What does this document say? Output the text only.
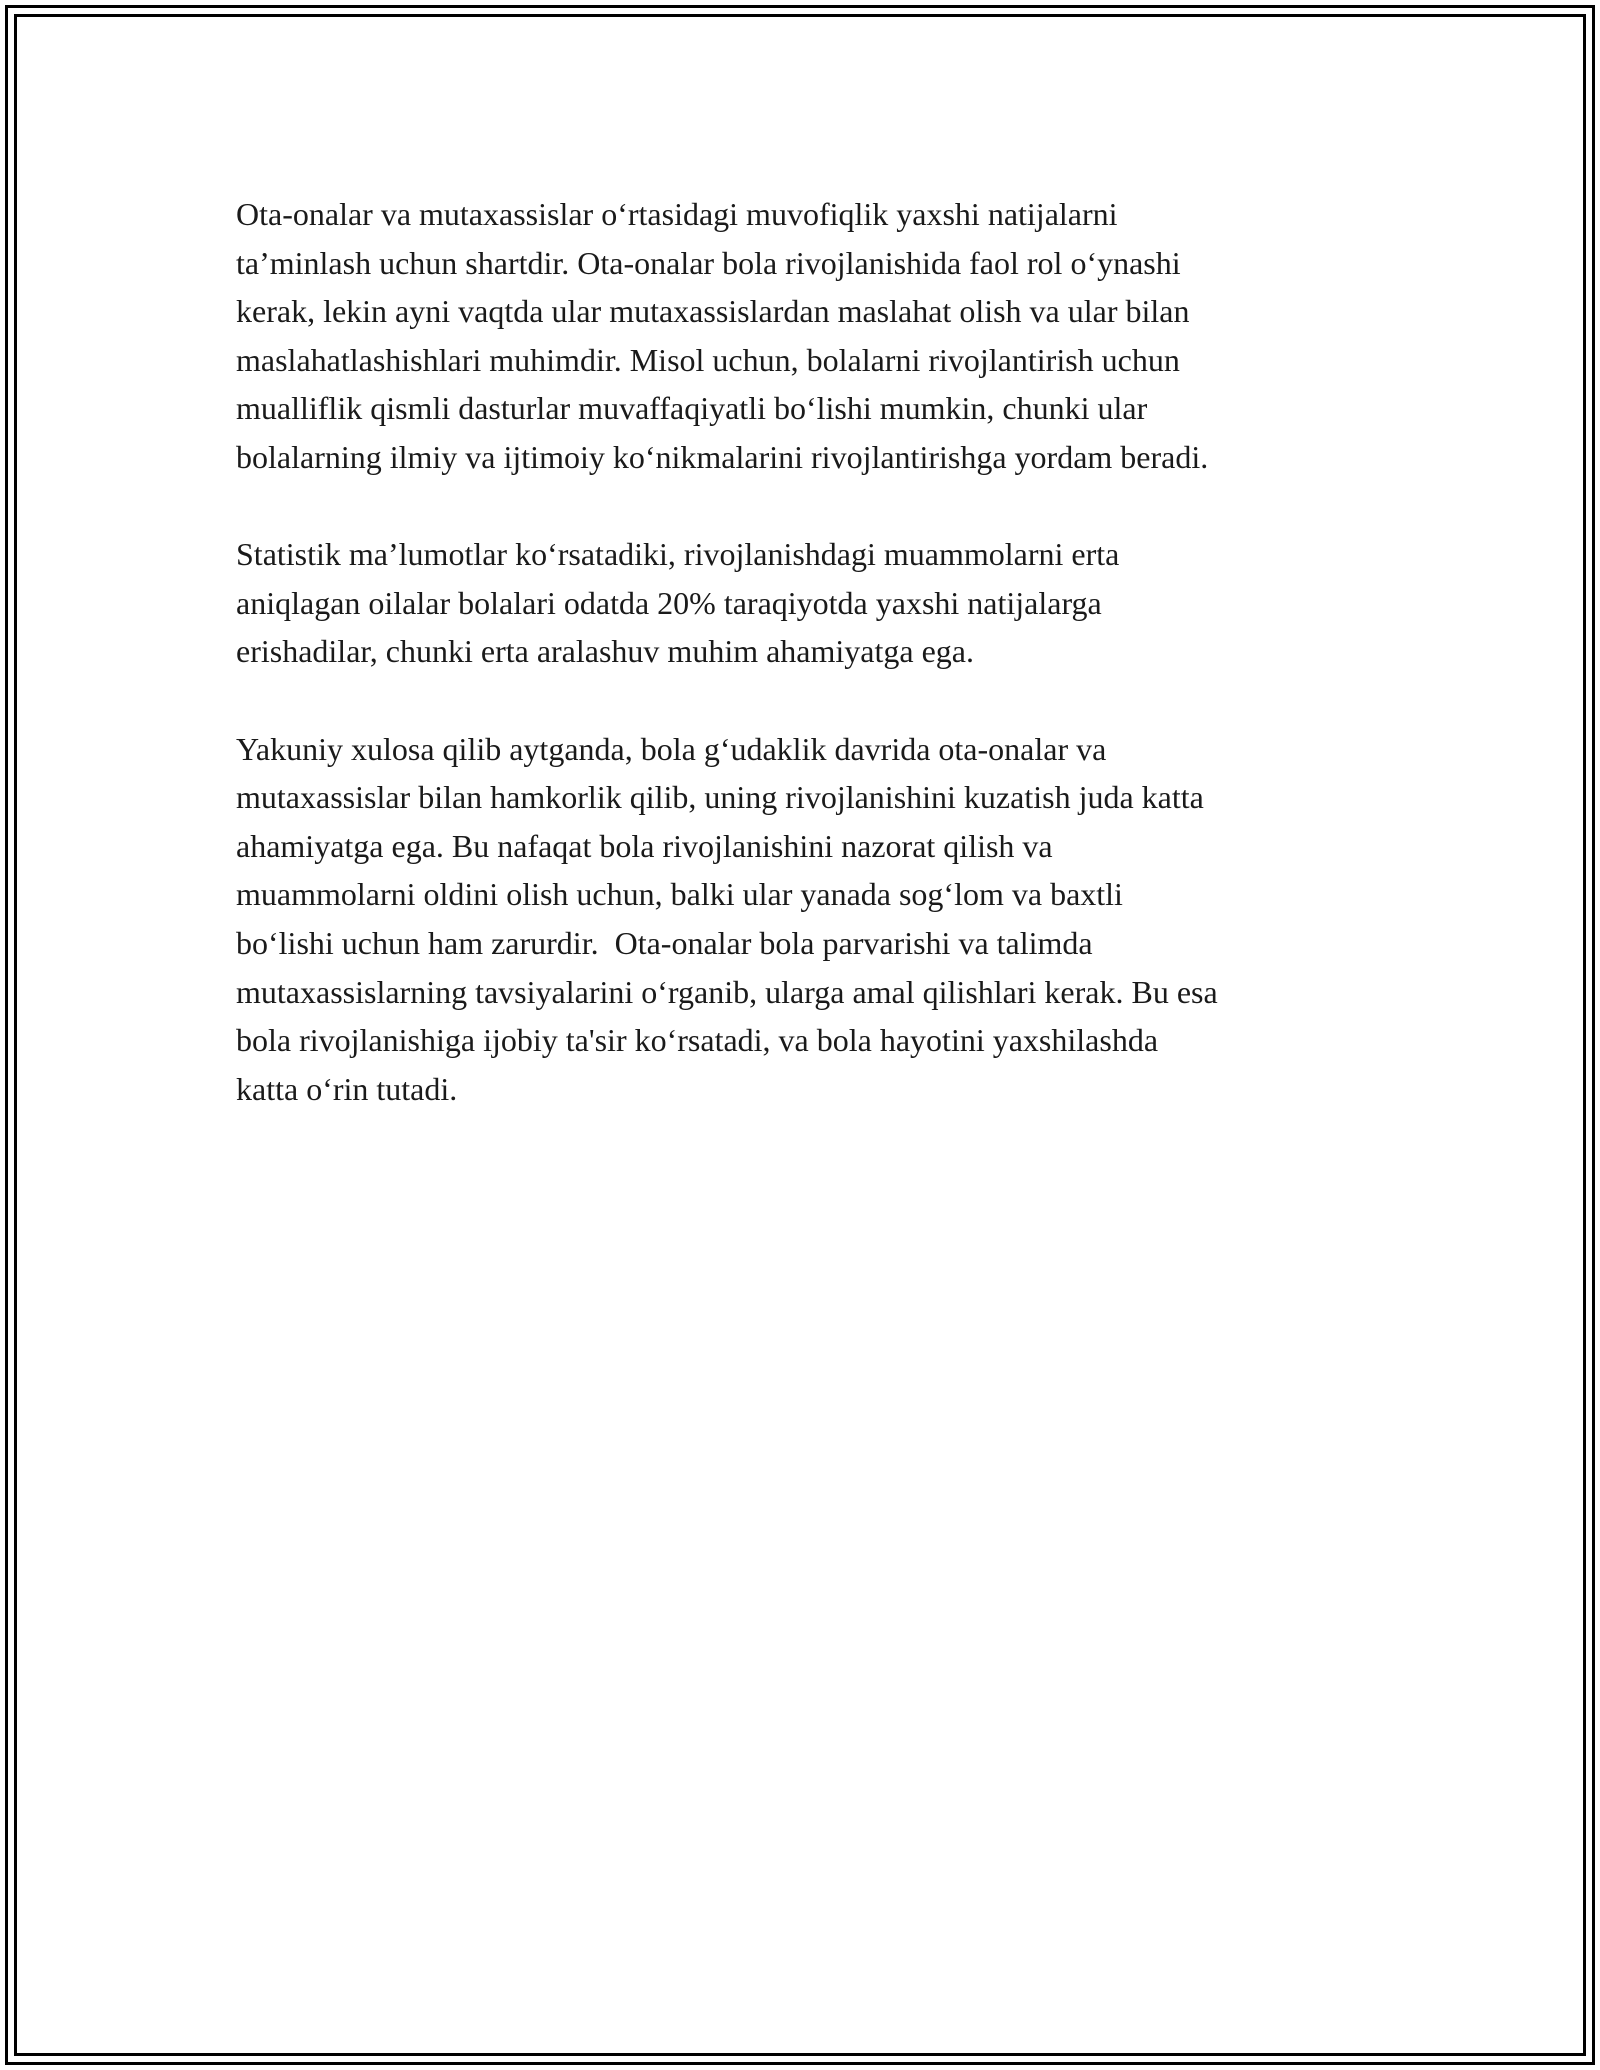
Ota-onalar va mutaxassislar o‘rtasidagi muvofiqlik yaxshi natijalarni
ta’minlash uchun shartdir. Ota-onalar bola rivojlanishida faol rol o‘ynashi
kerak, lekin ayni vaqtda ular mutaxassislardan maslahat olish va ular bilan
maslahatlashishlari muhimdir. Misol uchun, bolalarni rivojlantirish uchun
mualliflik qismli dasturlar muvaffaqiyatli bo‘lishi mumkin, chunki ular
bolalarning ilmiy va ijtimoiy ko‘nikmalarini rivojlantirishga yordam beradi.

Statistik ma’lumotlar ko‘rsatadiki, rivojlanishdagi muammolarni erta
aniqlagan oilalar bolalari odatda 20% taraqiyotda yaxshi natijalarga
erishadilar, chunki erta aralashuv muhim ahamiyatga ega.

Yakuniy xulosa qilib aytganda, bola g‘udaklik davrida ota-onalar va
mutaxassislar bilan hamkorlik qilib, uning rivojlanishini kuzatish juda katta
ahamiyatga ega. Bu nafaqat bola rivojlanishini nazorat qilish va
muammolarni oldini olish uchun, balki ular yanada sog‘lom va baxtli
bo‘lishi uchun ham zarurdir.  Ota-onalar bola parvarishi va talimda
mutaxassislarning tavsiyalarini o‘rganib, ularga amal qilishlari kerak. Bu esa
bola rivojlanishiga ijobiy ta'sir ko‘rsatadi, va bola hayotini yaxshilashda
katta o‘rin tutadi.
